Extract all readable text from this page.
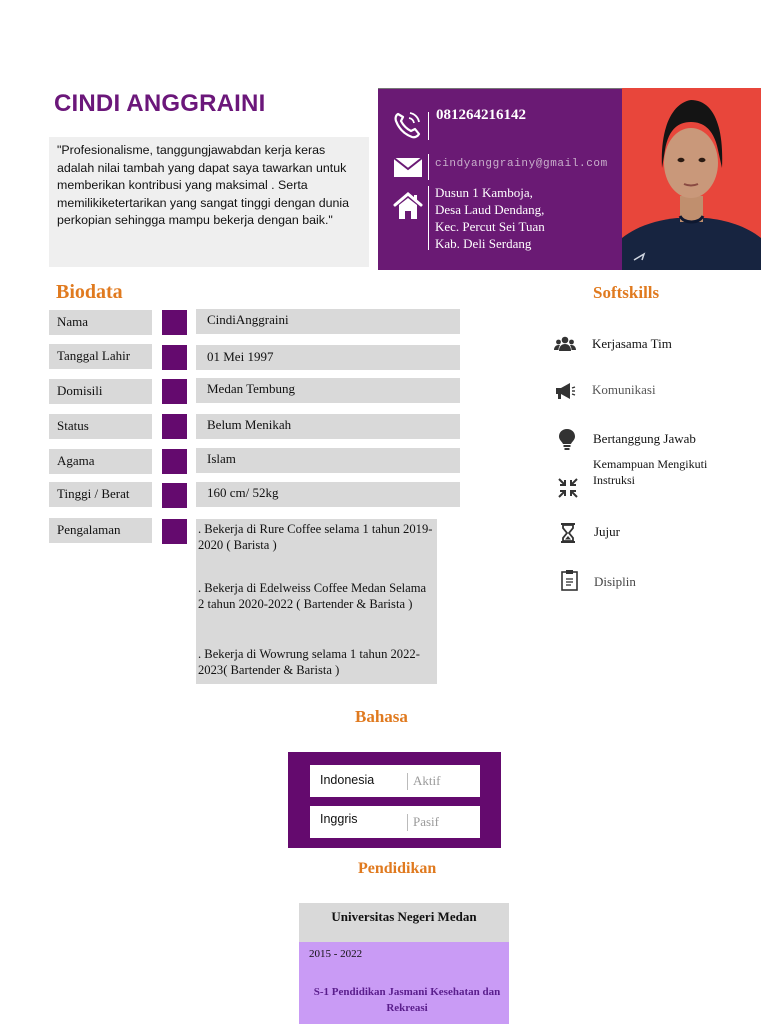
CINDI ANGGRAINI
"Profesionalisme, tanggungjawabdan kerja keras adalah nilai tambah yang dapat saya tawarkan untuk memberikan kontribusi yang maksimal . Serta memilikiketertarikan yang sangat tinggi dengan dunia perkopian sehingga mampu bekerja dengan baik."
081264216142
cindyanggrainy@gmail.com
Dusun 1 Kamboja,
Desa Laud Dendang,
Kec. Percut Sei Tuan
Kab. Deli Serdang
Biodata
Nama	CindiAnggraini
Tanggal Lahir	01 Mei 1997
Domisili	Medan Tembung
Status	Belum Menikah
Agama	Islam
Tinggi / Berat	160 cm/ 52kg
Pengalaman	. Bekerja di Rure Coffee selama 1 tahun 2019-2020 ( Barista )
. Bekerja di Edelweiss Coffee Medan Selama 2 tahun 2020-2022 ( Bartender & Barista )
. Bekerja di Wowrung selama 1 tahun 2022-2023( Bartender & Barista )
Softskills
Kerjasama Tim
Komunikasi
Bertanggung Jawab
Kemampuan Mengikuti Instruksi
Jujur
Disiplin
Bahasa
Indonesia	Aktif
Inggris	Pasif
Pendidikan
Universitas Negeri Medan
2015 - 2022
S-1 Pendidikan Jasmani Kesehatan dan Rekreasi
